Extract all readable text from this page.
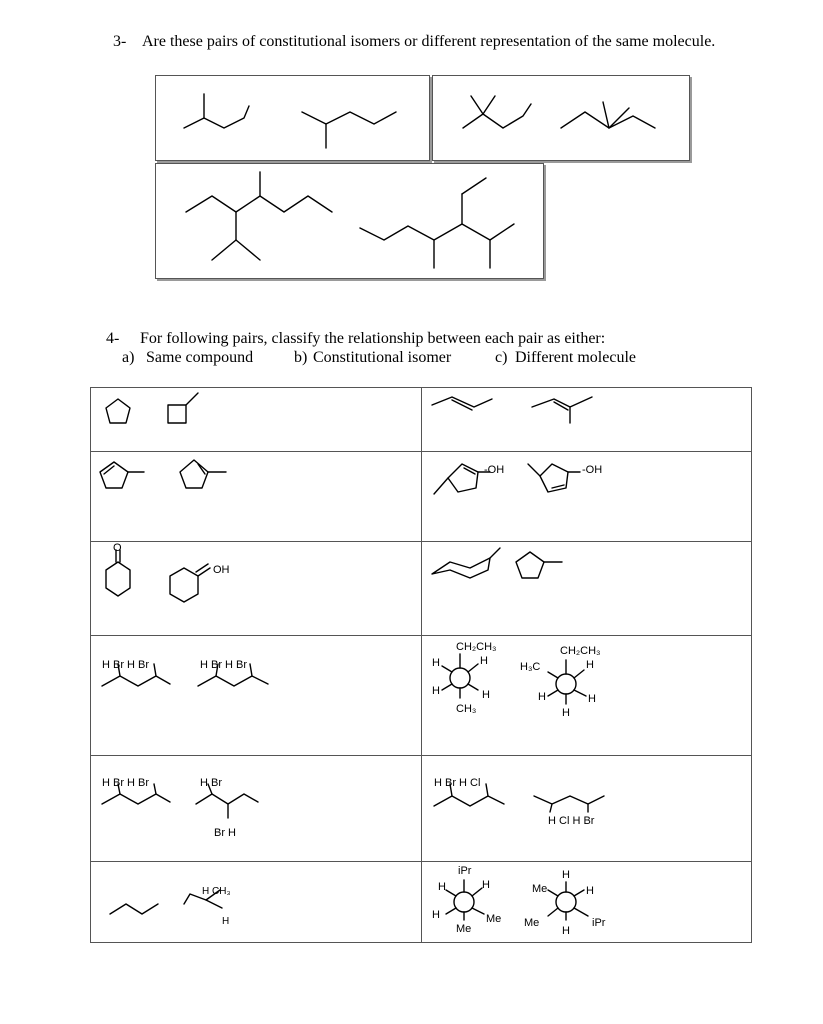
3- Are these pairs of constitutional isomers or different representation of the same molecule.
4- For following pairs, classify the relationship between each pair as either:
a) Same compound	b) Constitutional isomer	c) Different molecule
-OH	-OH
O
OH
H Br H Br	H Br H Br
CH₂CH₃
H	H
H	H
CH₃
CH₂CH₃
H₃C	H
H	H
H
H Br H Br	H Br
Br H
H Br H Cl
H Cl H Br
H CH₃
H
iPr
H	H
H	Me
Me
H
Me	H
Me	iPr
H
